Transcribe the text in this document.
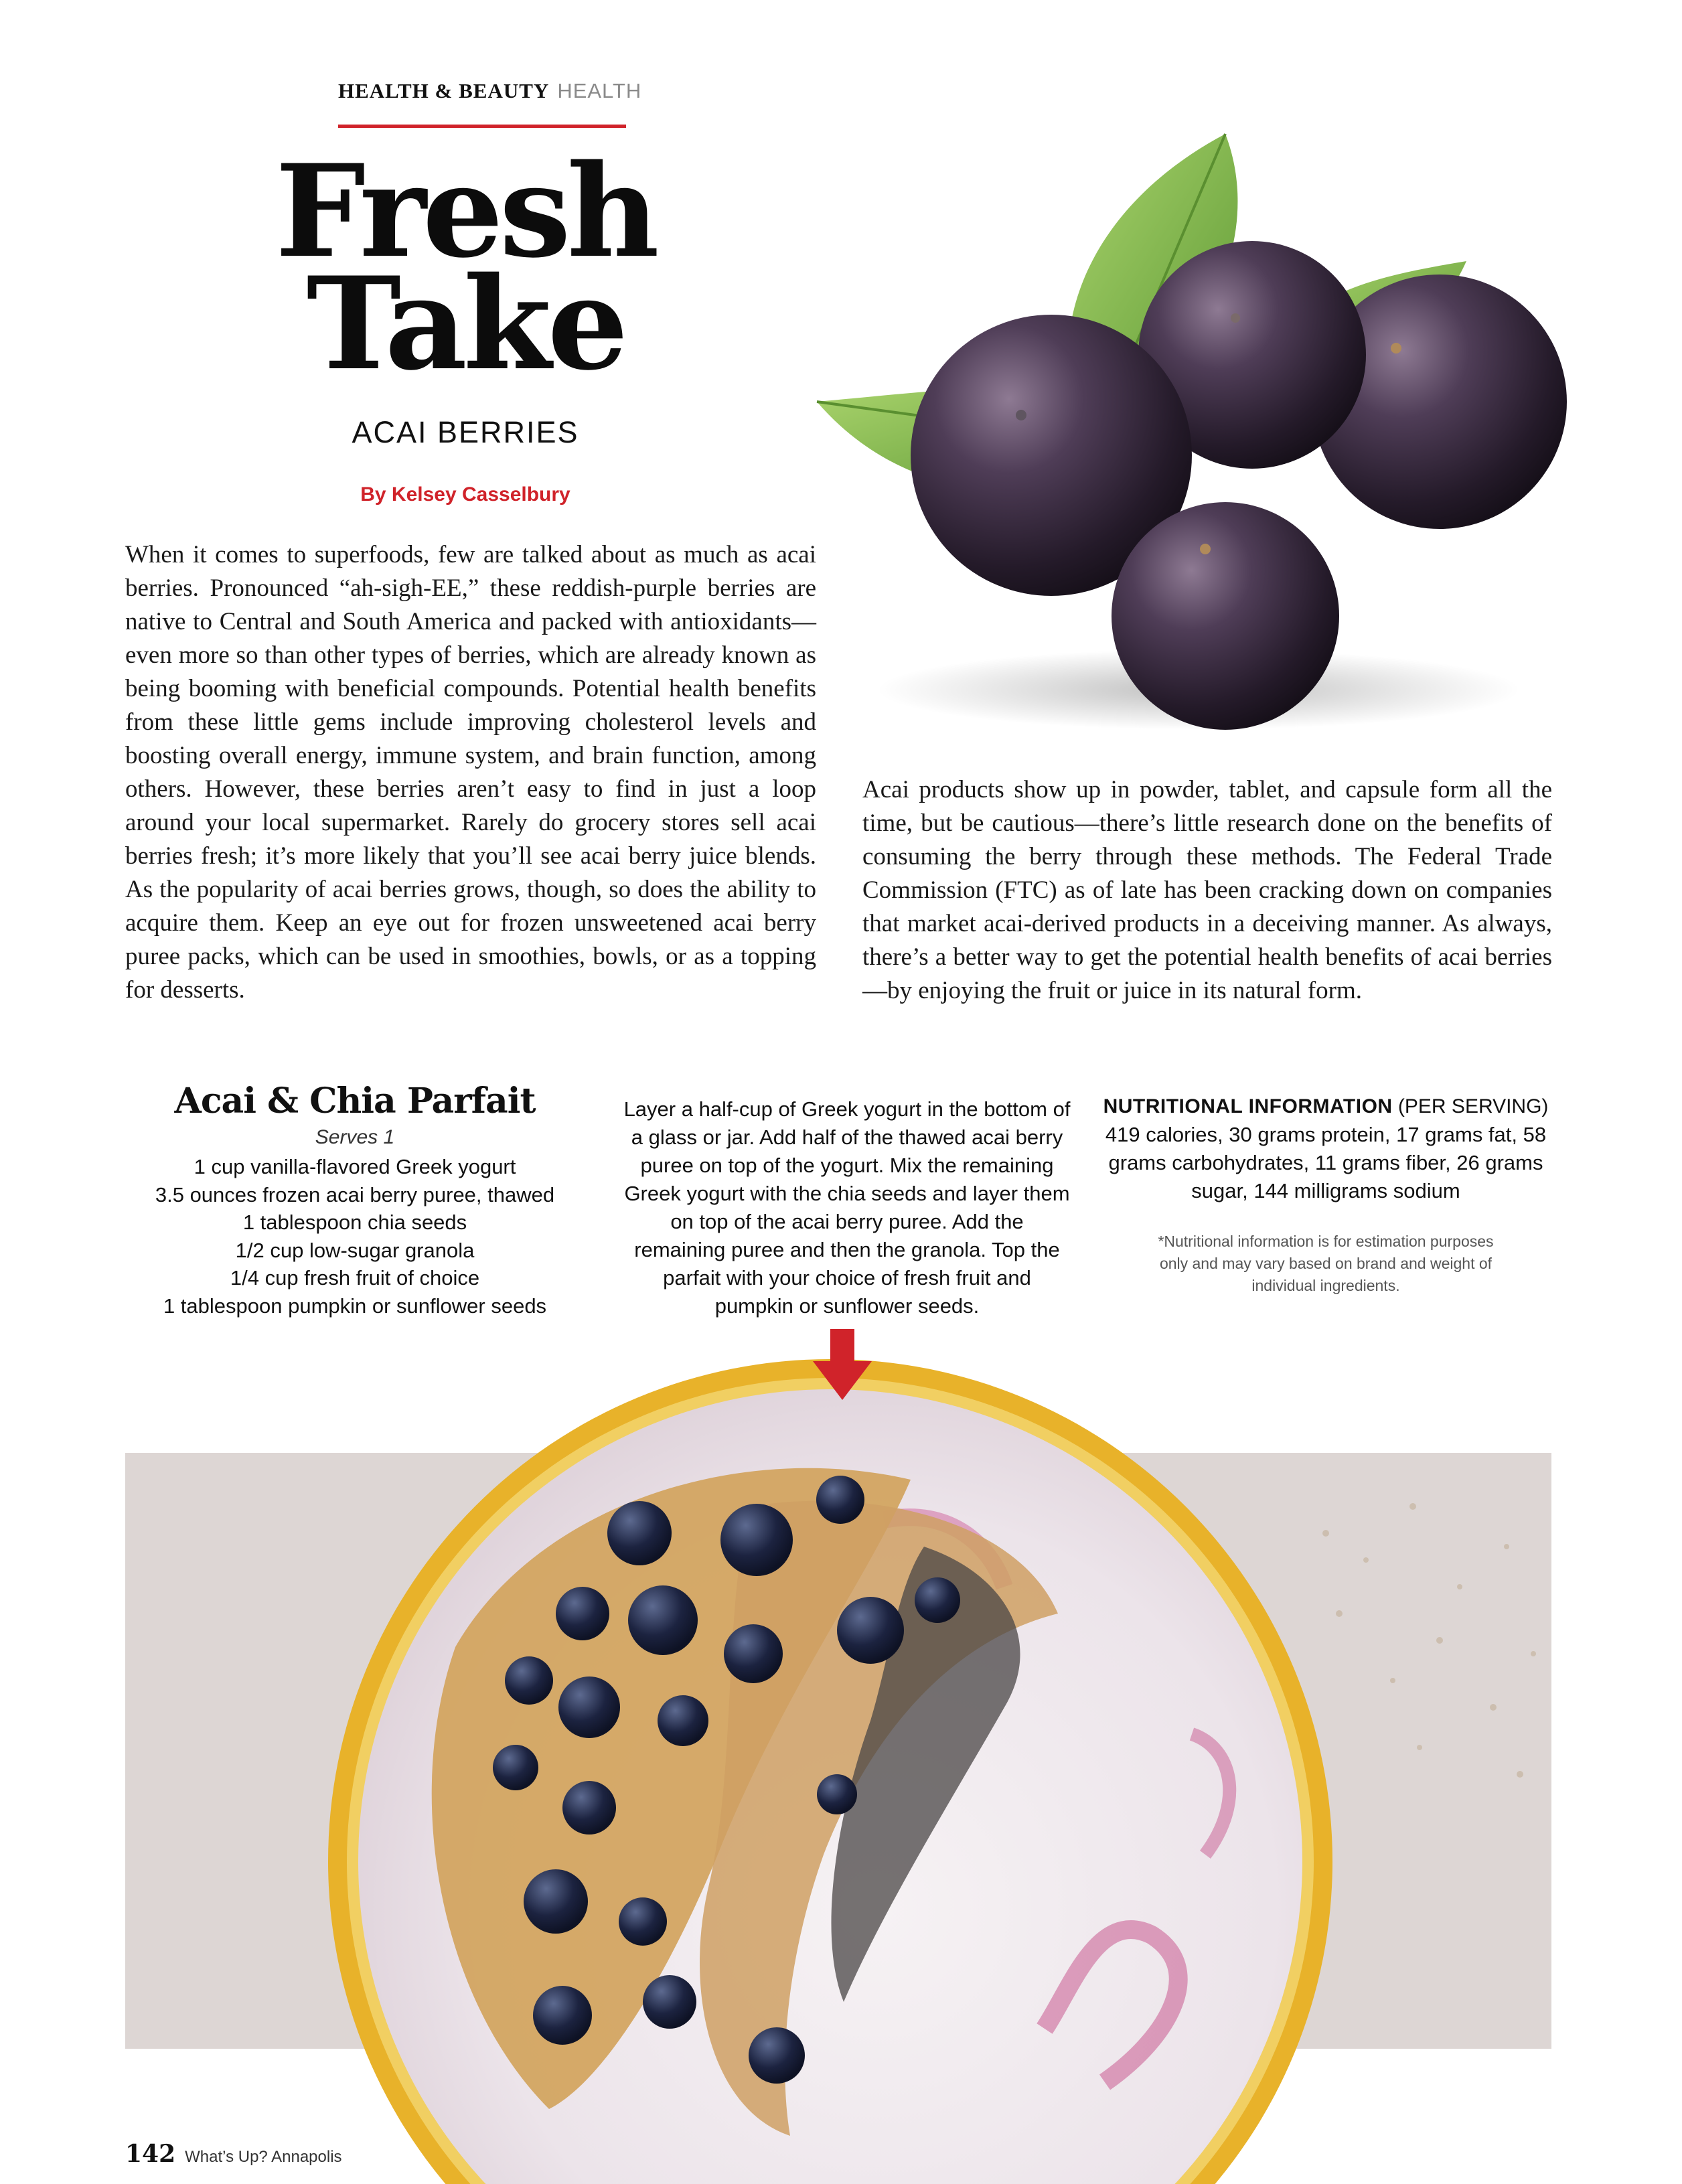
HEALTH & BEAUTY HEALTH
Fresh
Take
ACAI BERRIES
By Kelsey Casselbury
When it comes to superfoods, few are talked about as much as acai berries. Pronounced “ah-sigh-EE,” these reddish-purple berries are native to Central and South America and packed with antioxidants—even more so than other types of berries, which are already known as being booming with beneficial compounds. Potential health benefits from these little gems include improving cholesterol levels and boosting overall energy, immune system, and brain function, among others. However, these berries aren’t easy to find in just a loop around your local supermarket. Rarely do grocery stores sell acai berries fresh; it’s more likely that you’ll see acai berry juice blends. As the popularity of acai berries grows, though, so does the ability to acquire them. Keep an eye out for frozen unsweetened acai berry puree packs, which can be used in smoothies, bowls, or as a topping for desserts.
Acai products show up in powder, tablet, and capsule form all the time, but be cautious—there’s little research done on the benefits of consuming the berry through these methods. The Federal Trade Commission (FTC) as of late has been cracking down on companies that market acai-derived products in a deceiving manner. As always, there’s a better way to get the potential health benefits of acai berries—by enjoying the fruit or juice in its natural form.
Acai & Chia Parfait
Serves 1
1 cup vanilla-flavored Greek yogurt
3.5 ounces frozen acai berry puree, thawed
1 tablespoon chia seeds
1/2 cup low-sugar granola
1/4 cup fresh fruit of choice
1 tablespoon pumpkin or sunflower seeds
Layer a half-cup of Greek yogurt in the bottom of a glass or jar. Add half of the thawed acai berry puree on top of the yogurt. Mix the remaining Greek yogurt with the chia seeds and layer them on top of the acai berry puree. Add the remaining puree and then the granola. Top the parfait with your choice of fresh fruit and pumpkin or sunflower seeds.
NUTRITIONAL INFORMATION (PER SERVING)
419 calories, 30 grams protein, 17 grams fat, 58 grams carbohydrates, 11 grams fiber, 26 grams sugar, 144 milligrams sodium
*Nutritional information is for estimation purposes only and may vary based on brand and weight of individual ingredients.
142 What’s Up? Annapolis
